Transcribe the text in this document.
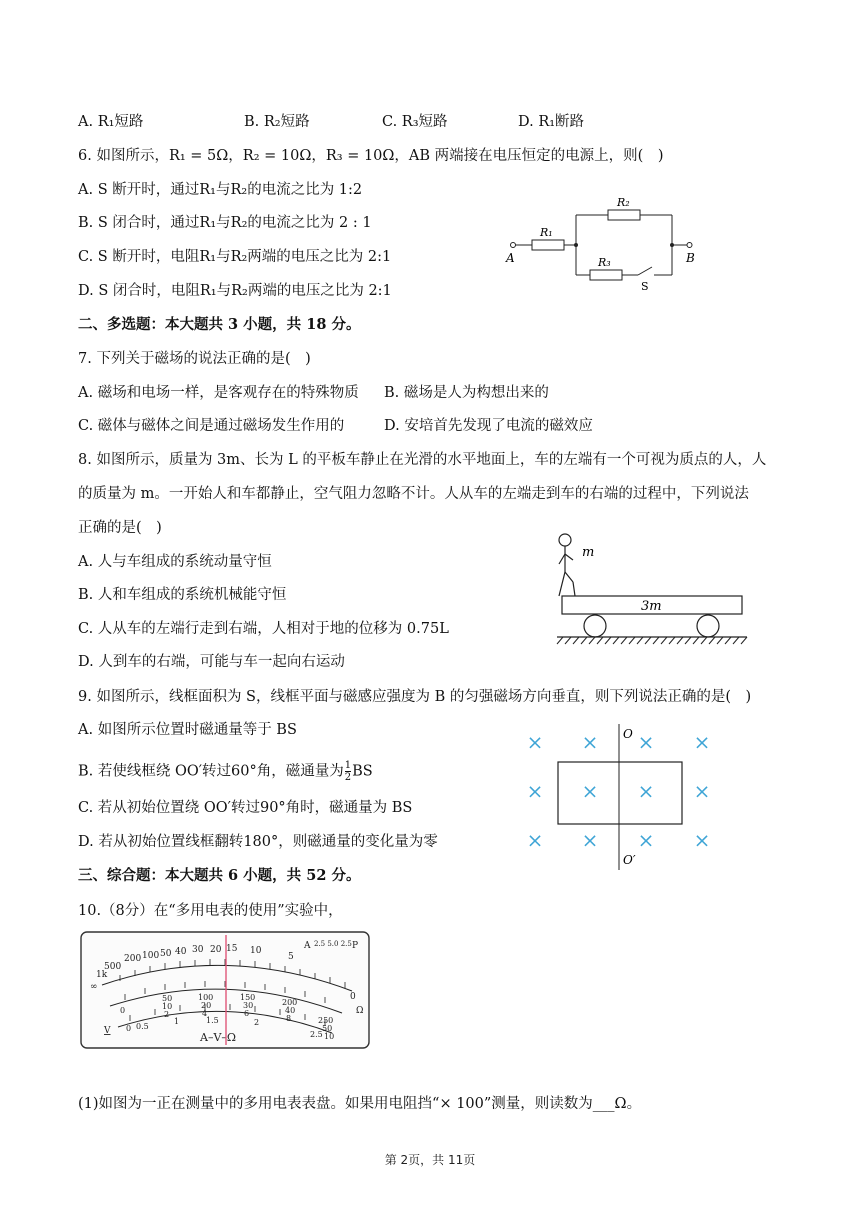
A. R₁短路	B. R₂短路	C. R₃短路	D. R₁断路
6. 如图所示，R₁ = 5Ω，R₂ = 10Ω，R₃ = 10Ω，AB 两端接在电压恒定的电源上，则(　)
A. S 断开时，通过R₁与R₂的电流之比为 1:2
B. S 闭合时，通过R₁与R₂的电流之比为 2 : 1
C. S 断开时，电阻R₁与R₂两端的电压之比为 2:1
D. S 闭合时，电阻R₁与R₂两端的电压之比为 2:1
R₁
R₂
R₃
A	B
S
二、多选题：本大题共 3 小题，共 18 分。
7. 下列关于磁场的说法正确的是(　)
A. 磁场和电场一样，是客观存在的特殊物质 B. 磁场是人为构想出来的
C. 磁体与磁体之间是通过磁场发生作用的	D. 安培首先发现了电流的磁效应
8. 如图所示，质量为 3m、长为 L 的平板车静止在光滑的水平地面上，车的左端有一个可视为质点的人，人
的质量为 m。一开始人和车都静止，空气阻力忽略不计。人从车的左端走到车的右端的过程中，下列说法
正确的是(　)
A. 人与车组成的系统动量守恒
B. 人和车组成的系统机械能守恒
C. 人从车的左端行走到右端，人相对于地的位移为 0.75L
D. 人到车的右端，可能与车一起向右运动
m
3m
9. 如图所示，线框面积为 S，线框平面与磁感应强度为 B 的匀强磁场方向垂直，则下列说法正确的是(　)
A. 如图所示位置时磁通量等于 BS
B. 若使线框绕 OO′转过60°角，磁通量为 $\frac{1}{2}$ BS
C. 若从初始位置绕 OO′转过90°角时，磁通量为 BS
D. 若从初始位置线框翻转180°，则磁通量的变化量为零
× × × ×
× × × ×
× × × ×
O
O′
三、综合题：本大题共 6 小题，共 52 分。
10.（8分）在“多用电表的使用”实验中，
∞
1k
500
200 100 50 40 30 20 15 10
5
0
Ω
A 2.5 5.0 2.5 P
0
50
10
100
20
150
30	200
40
250
50
2	4	6
8
10
0 0.5
1	1.5	2
2.5
V	A–V–Ω
(1)如图为一正在测量中的多用电表表盘。如果用电阻挡“× 100”测量，则读数为___Ω。
第 2页，共 11页
